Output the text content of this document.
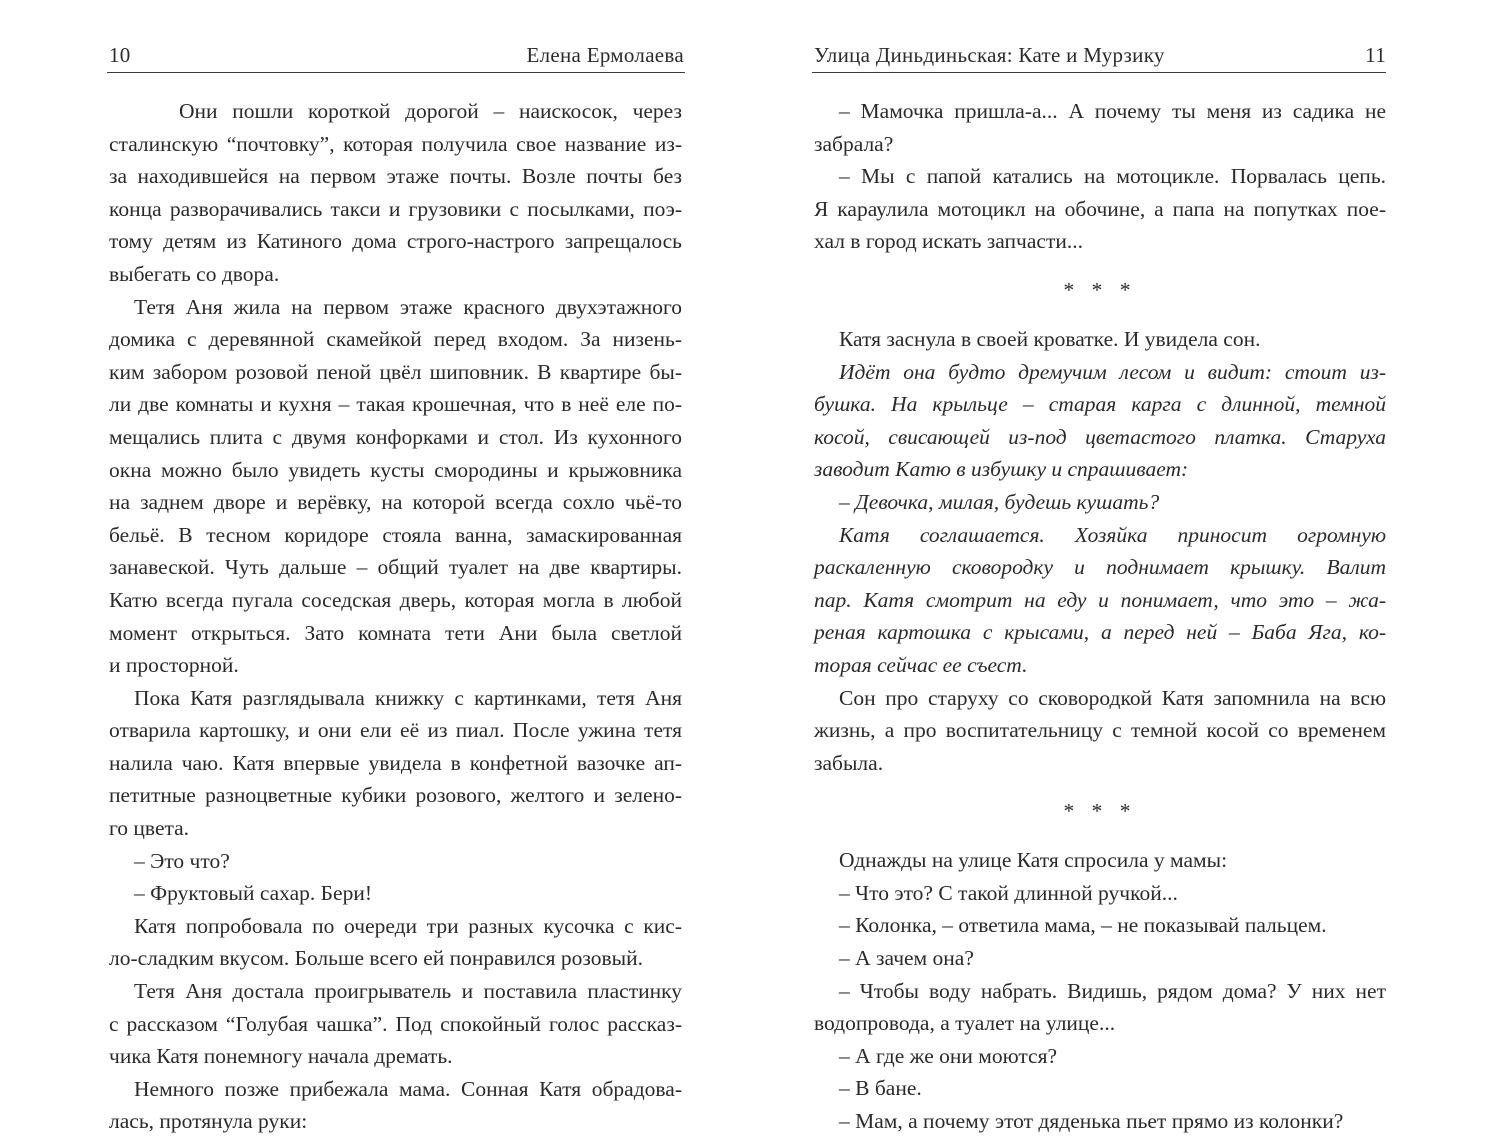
10	Елена Ермолаева
Они пошли короткой дорогой – наискосок, через
сталинскую “почтовку”, которая получила свое название из-
за находившейся на первом этаже почты. Возле почты без
конца разворачивались такси и грузовики с посылками, поэ-
тому детям из Катиного дома строго-настрого запрещалось
выбегать со двора.
Тетя Аня жила на первом этаже красного двухэтажного
домика с деревянной скамейкой перед входом. За низень-
ким забором розовой пеной цвёл шиповник. В квартире бы-
ли две комнаты и кухня – такая крошечная, что в неё еле по-
мещались плита с двумя конфорками и стол. Из кухонного
окна можно было увидеть кусты смородины и крыжовника
на заднем дворе и верёвку, на которой всегда сохло чьё-то
бельё. В тесном коридоре стояла ванна, замаскированная
занавеской. Чуть дальше – общий туалет на две квартиры.
Катю всегда пугала соседская дверь, которая могла в любой
момент открыться. Зато комната тети Ани была светлой
и просторной.
Пока Катя разглядывала книжку с картинками, тетя Аня
отварила картошку, и они ели её из пиал. После ужина тетя
налила чаю. Катя впервые увидела в конфетной вазочке ап-
петитные разноцветные кубики розового, желтого и зелено-
го цвета.
– Это что?
– Фруктовый сахар. Бери!
Катя попробовала по очереди три разных кусочка с кис-
ло-сладким вкусом. Больше всего ей понравился розовый.
Тетя Аня достала проигрыватель и поставила пластинку
с рассказом “Голубая чашка”. Под спокойный голос рассказ-
чика Катя понемногу начала дремать.
Немного позже прибежала мама. Сонная Катя обрадова-
лась, протянула руки:
Улица Диньдиньская: Кате и Мурзику	11
– Мамочка пришла-а... А почему ты меня из садика не
забрала?
– Мы с папой катались на мотоцикле. Порвалась цепь.
Я караулила мотоцикл на обочине, а папа на попутках пое-
хал в город искать запчасти...
* * *
Катя заснула в своей кроватке. И увидела сон.
Идёт она будто дремучим лесом и видит: стоит из-
бушка. На крыльце – старая карга с длинной, темной
косой, свисающей из-под цветастого платка. Старуха
заводит Катю в избушку и спрашивает:
– Девочка, милая, будешь кушать?
Катя соглашается. Хозяйка приносит огромную
раскаленную сковородку и поднимает крышку. Валит
пар. Катя смотрит на еду и понимает, что это – жа-
реная картошка с крысами, а перед ней – Баба Яга, ко-
торая сейчас ее съест.
Сон про старуху со сковородкой Катя запомнила на всю
жизнь, а про воспитательницу с темной косой со временем
забыла.
* * *
Однажды на улице Катя спросила у мамы:
– Что это? С такой длинной ручкой...
– Колонка, – ответила мама, – не показывай пальцем.
– А зачем она?
– Чтобы воду набрать. Видишь, рядом дома? У них нет
водопровода, а туалет на улице...
– А где же они моются?
– В бане.
– Мам, а почему этот дяденька пьет прямо из колонки?
